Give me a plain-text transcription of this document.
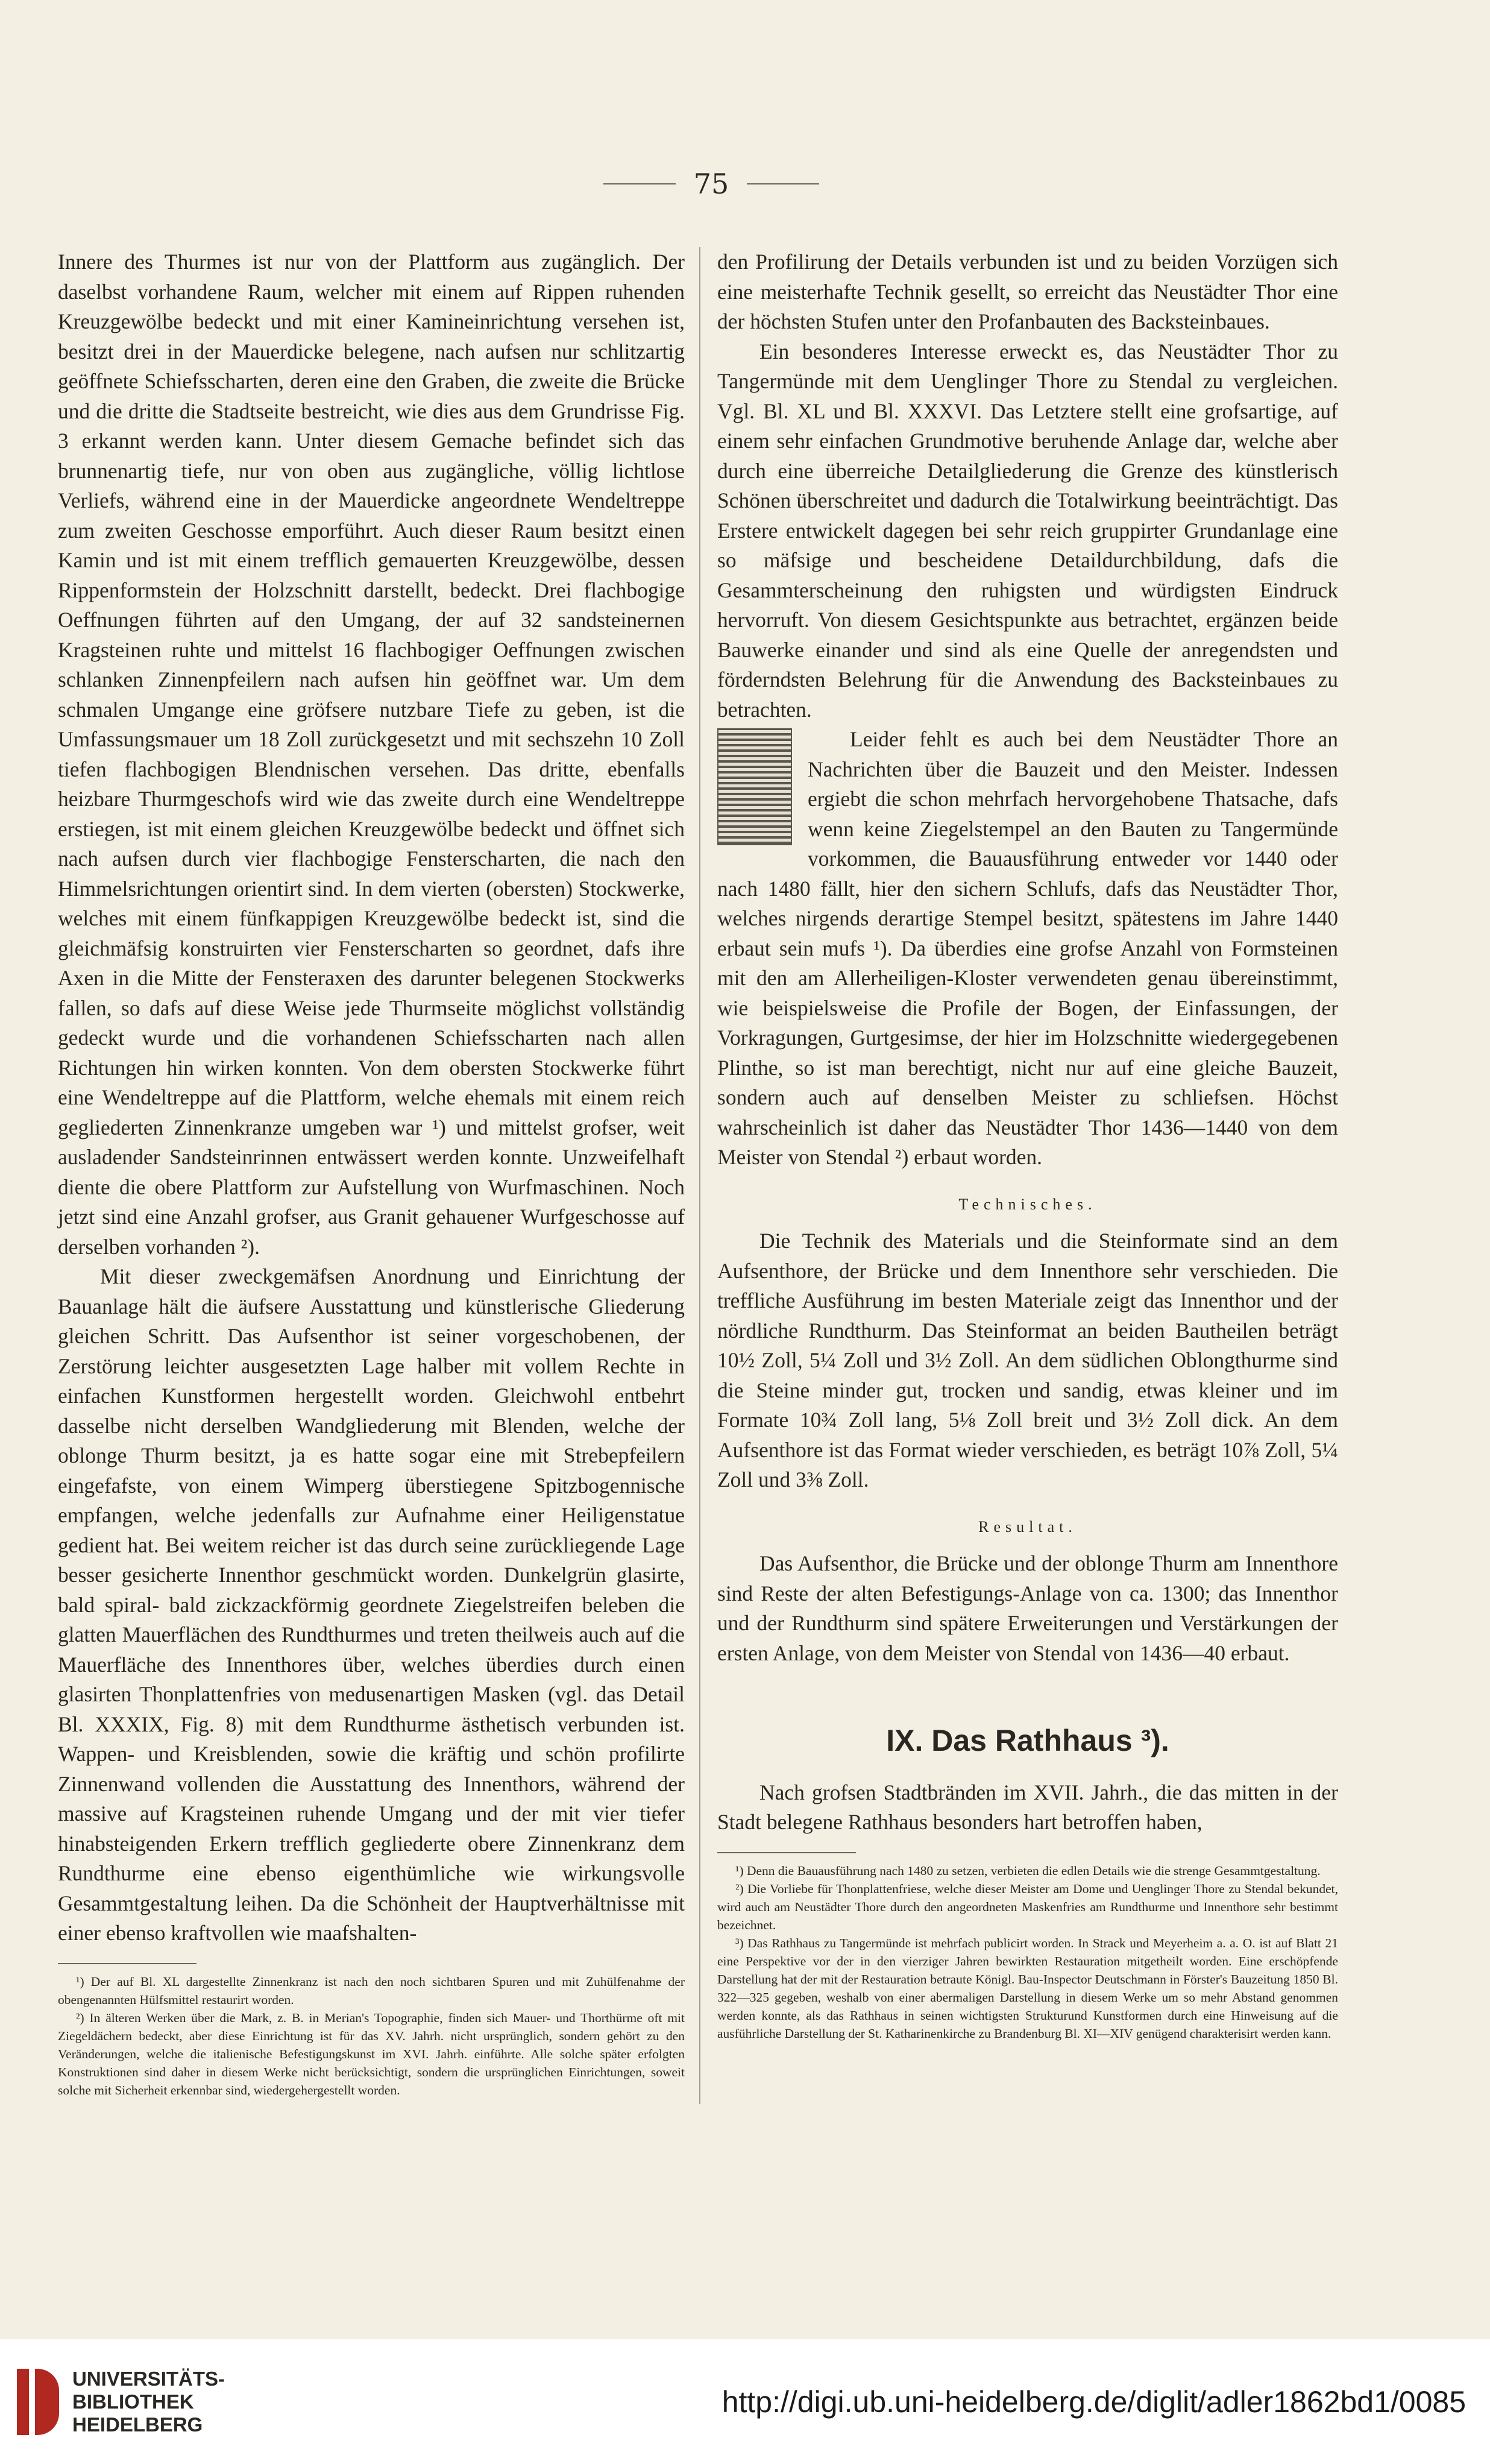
75

Innere des Thurmes ist nur von der Plattform aus zugänglich. Der daselbst vorhandene Raum, welcher mit einem auf Rippen ruhenden Kreuzgewölbe bedeckt und mit einer Kamineinrichtung versehen ist, besitzt drei in der Mauerdicke belegene, nach aufsen nur schlitzartig geöffnete Schiefsscharten, deren eine den Graben, die zweite die Brücke und die dritte die Stadtseite bestreicht, wie dies aus dem Grundrisse Fig. 3 erkannt werden kann. Unter diesem Gemache befindet sich das brunnenartig tiefe, nur von oben aus zugängliche, völlig lichtlose Verliefs, während eine in der Mauerdicke angeordnete Wendeltreppe zum zweiten Geschosse emporführt. Auch dieser Raum besitzt einen Kamin und ist mit einem trefflich gemauerten Kreuzgewölbe, dessen Rippenformstein der Holzschnitt darstellt, bedeckt. Drei flachbogige Oeffnungen führten auf den Umgang, der auf 32 sandsteinernen Kragsteinen ruhte und mittelst 16 flachbogiger Oeffnungen zwischen schlanken Zinnenpfeilern nach aufsen hin geöffnet war. Um dem schmalen Umgange eine gröfsere nutzbare Tiefe zu geben, ist die Umfassungsmauer um 18 Zoll zurückgesetzt und mit sechszehn 10 Zoll tiefen flachbogigen Blendnischen versehen. Das dritte, ebenfalls heizbare Thurmgeschofs wird wie das zweite durch eine Wendeltreppe erstiegen, ist mit einem gleichen Kreuzgewölbe bedeckt und öffnet sich nach aufsen durch vier flachbogige Fensterscharten, die nach den Himmelsrichtungen orientirt sind. In dem vierten (obersten) Stockwerke, welches mit einem fünfkappigen Kreuzgewölbe bedeckt ist, sind die gleichmäfsig konstruirten vier Fensterscharten so geordnet, dafs ihre Axen in die Mitte der Fensteraxen des darunter belegenen Stockwerks fallen, so dafs auf diese Weise jede Thurmseite möglichst vollständig gedeckt wurde und die vorhandenen Schiefsscharten nach allen Richtungen hin wirken konnten. Von dem obersten Stockwerke führt eine Wendeltreppe auf die Plattform, welche ehemals mit einem reich gegliederten Zinnenkranze umgeben war ¹) und mittelst grofser, weit ausladender Sandsteinrinnen entwässert werden konnte. Unzweifelhaft diente die obere Plattform zur Aufstellung von Wurfmaschinen. Noch jetzt sind eine Anzahl grofser, aus Granit gehauener Wurfgeschosse auf derselben vorhanden ²).

Mit dieser zweckgemäfsen Anordnung und Einrichtung der Bauanlage hält die äufsere Ausstattung und künstlerische Gliederung gleichen Schritt. Das Aufsenthor ist seiner vorgeschobenen, der Zerstörung leichter ausgesetzten Lage halber mit vollem Rechte in einfachen Kunstformen hergestellt worden. Gleichwohl entbehrt dasselbe nicht derselben Wandgliederung mit Blenden, welche der oblonge Thurm besitzt, ja es hatte sogar eine mit Strebepfeilern eingefafste, von einem Wimperg überstiegene Spitzbogennische empfangen, welche jedenfalls zur Aufnahme einer Heiligenstatue gedient hat. Bei weitem reicher ist das durch seine zurückliegende Lage besser gesicherte Innenthor geschmückt worden. Dunkelgrün glasirte, bald spiral- bald zickzackförmig geordnete Ziegelstreifen beleben die glatten Mauerflächen des Rundthurmes und treten theilweis auch auf die Mauerfläche des Innenthores über, welches überdies durch einen glasirten Thonplattenfries von medusenartigen Masken (vgl. das Detail Bl. XXXIX, Fig. 8) mit dem Rundthurme ästhetisch verbunden ist. Wappen- und Kreisblenden, sowie die kräftig und schön profilirte Zinnenwand vollenden die Ausstattung des Innenthors, während der massive auf Kragsteinen ruhende Umgang und der mit vier tiefer hinabsteigenden Erkern trefflich gegliederte obere Zinnenkranz dem Rundthurme eine ebenso eigenthümliche wie wirkungsvolle Gesammtgestaltung leihen. Da die Schönheit der Hauptverhältnisse mit einer ebenso kraftvollen wie maafshalten-

¹) Der auf Bl. XL dargestellte Zinnenkranz ist nach den noch sichtbaren Spuren und mit Zuhülfenahme der obengenannten Hülfsmittel restaurirt worden.

²) In älteren Werken über die Mark, z. B. in Merian's Topographie, finden sich Mauer- und Thorthürme oft mit Ziegeldächern bedeckt, aber diese Einrichtung ist für das XV. Jahrh. nicht ursprünglich, sondern gehört zu den Veränderungen, welche die italienische Befestigungskunst im XVI. Jahrh. einführte. Alle solche später erfolgten Konstruktionen sind daher in diesem Werke nicht berücksichtigt, sondern die ursprünglichen Einrichtungen, soweit solche mit Sicherheit erkennbar sind, wiedergehergestellt worden.

den Profilirung der Details verbunden ist und zu beiden Vorzügen sich eine meisterhafte Technik gesellt, so erreicht das Neustädter Thor eine der höchsten Stufen unter den Profanbauten des Backsteinbaues.

Ein besonderes Interesse erweckt es, das Neustädter Thor zu Tangermünde mit dem Uenglinger Thore zu Stendal zu vergleichen. Vgl. Bl. XL und Bl. XXXVI. Das Letztere stellt eine grofsartige, auf einem sehr einfachen Grundmotive beruhende Anlage dar, welche aber durch eine überreiche Detailgliederung die Grenze des künstlerisch Schönen überschreitet und dadurch die Totalwirkung beeinträchtigt. Das Erstere entwickelt dagegen bei sehr reich gruppirter Grundanlage eine so mäfsige und bescheidene Detaildurchbildung, dafs die Gesammterscheinung den ruhigsten und würdigsten Eindruck hervorruft. Von diesem Gesichtspunkte aus betrachtet, ergänzen beide Bauwerke einander und sind als eine Quelle der anregendsten und förderndsten Belehrung für die Anwendung des Backsteinbaues zu betrachten.

Leider fehlt es auch bei dem Neustädter Thore an Nachrichten über die Bauzeit und den Meister. Indessen ergiebt die schon mehrfach hervorgehobene Thatsache, dafs wenn keine Ziegelstempel an den Bauten zu Tangermünde vorkommen, die Bauausführung entweder vor 1440 oder nach 1480 fällt, hier den sichern Schlufs, dafs das Neustädter Thor, welches nirgends derartige Stempel besitzt, spätestens im Jahre 1440 erbaut sein mufs ¹). Da überdies eine grofse Anzahl von Formsteinen mit den am Allerheiligen-Kloster verwendeten genau übereinstimmt, wie beispielsweise die Profile der Bogen, der Einfassungen, der Vorkragungen, Gurtgesimse, der hier im Holzschnitte wiedergegebenen Plinthe, so ist man berechtigt, nicht nur auf eine gleiche Bauzeit, sondern auch auf denselben Meister zu schliefsen. Höchst wahrscheinlich ist daher das Neustädter Thor 1436—1440 von dem Meister von Stendal ²) erbaut worden.

Technisches.

Die Technik des Materials und die Steinformate sind an dem Aufsenthore, der Brücke und dem Innenthore sehr verschieden. Die treffliche Ausführung im besten Materiale zeigt das Innenthor und der nördliche Rundthurm. Das Steinformat an beiden Bautheilen beträgt 10½ Zoll, 5¼ Zoll und 3½ Zoll. An dem südlichen Oblongthurme sind die Steine minder gut, trocken und sandig, etwas kleiner und im Formate 10¾ Zoll lang, 5⅛ Zoll breit und 3½ Zoll dick. An dem Aufsenthore ist das Format wieder verschieden, es beträgt 10⅞ Zoll, 5¼ Zoll und 3⅜ Zoll.

Resultat.

Das Aufsenthor, die Brücke und der oblonge Thurm am Innenthore sind Reste der alten Befestigungs-Anlage von ca. 1300; das Innenthor und der Rundthurm sind spätere Erweiterungen und Verstärkungen der ersten Anlage, von dem Meister von Stendal von 1436—40 erbaut.

IX. Das Rathhaus ³).

Nach grofsen Stadtbränden im XVII. Jahrh., die das mitten in der Stadt belegene Rathhaus besonders hart betroffen haben,

¹) Denn die Bauausführung nach 1480 zu setzen, verbieten die edlen Details wie die strenge Gesammtgestaltung.

²) Die Vorliebe für Thonplattenfriese, welche dieser Meister am Dome und Uenglinger Thore zu Stendal bekundet, wird auch am Neustädter Thore durch den angeordneten Maskenfries am Rundthurme und Innenthore sehr bestimmt bezeichnet.

³) Das Rathhaus zu Tangermünde ist mehrfach publicirt worden. In Strack und Meyerheim a. a. O. ist auf Blatt 21 eine Perspektive vor der in den vierziger Jahren bewirkten Restauration mitgetheilt worden. Eine erschöpfende Darstellung hat der mit der Restauration betraute Königl. Bau-Inspector Deutschmann in Förster's Bauzeitung 1850 Bl. 322—325 gegeben, weshalb von einer abermaligen Darstellung in diesem Werke um so mehr Abstand genommen werden konnte, als das Rathhaus in seinen wichtigsten Strukturund Kunstformen durch eine Hinweisung auf die ausführliche Darstellung der St. Katharinenkirche zu Brandenburg Bl. XI—XIV genügend charakterisirt werden kann.

UNIVERSITÄTS-
BIBLIOTHEK
HEIDELBERG
http://digi.ub.uni-heidelberg.de/diglit/adler1862bd1/0085
